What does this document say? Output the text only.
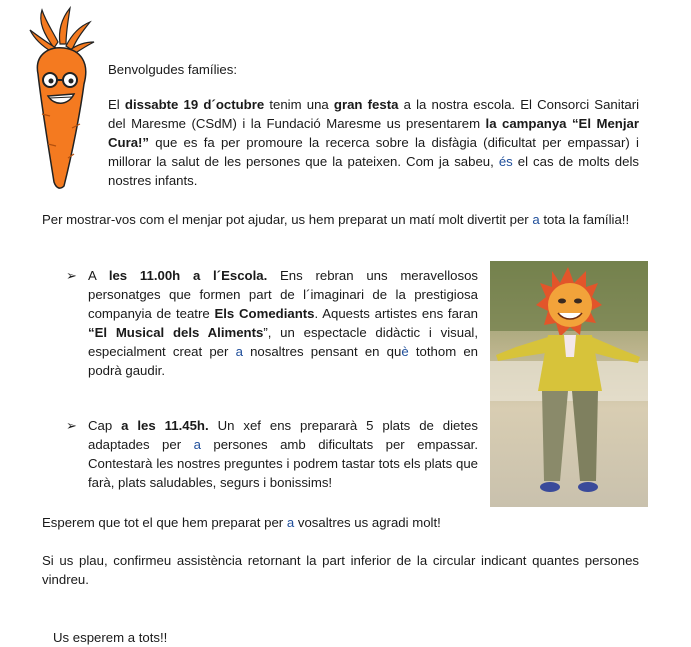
Benvolgudes famílies:
El dissabte 19 d´octubre tenim una gran festa a la nostra escola. El Consorci Sanitari del Maresme (CSdM) i la Fundació Maresme us presentarem la campanya “El Menjar Cura!” que es fa per promoure la recerca sobre la disfàgia (dificultat per empassar) i millorar la salut de les persones que la pateixen. Com ja sabeu, és el cas de molts dels nostres infants.
Per mostrar-vos com el menjar pot ajudar, us hem preparat un matí molt divertit per a tota la família!!
➢ A les 11.00h a l´Escola. Ens rebran uns meravellosos personatges que formen part de l´imaginari de la prestigiosa companyia de teatre Els Comediants. Aquests artistes ens faran “El Musical dels Aliments”, un espectacle didàctic i visual, especialment creat per a nosaltres pensant en què tothom en podrà gaudir.
➢ Cap a les 11.45h. Un xef ens prepararà 5 plats de dietes adaptades per a persones amb dificultats per empassar. Contestarà les nostres preguntes i podrem tastar tots els plats que farà, plats saludables, segurs i bonissims!
Esperem que tot el que hem preparat per a vosaltres us agradi molt!
Si us plau, confirmeu assistència retornant la part inferior de la circular indicant quantes persones vindreu.

Us esperem a tots!!
